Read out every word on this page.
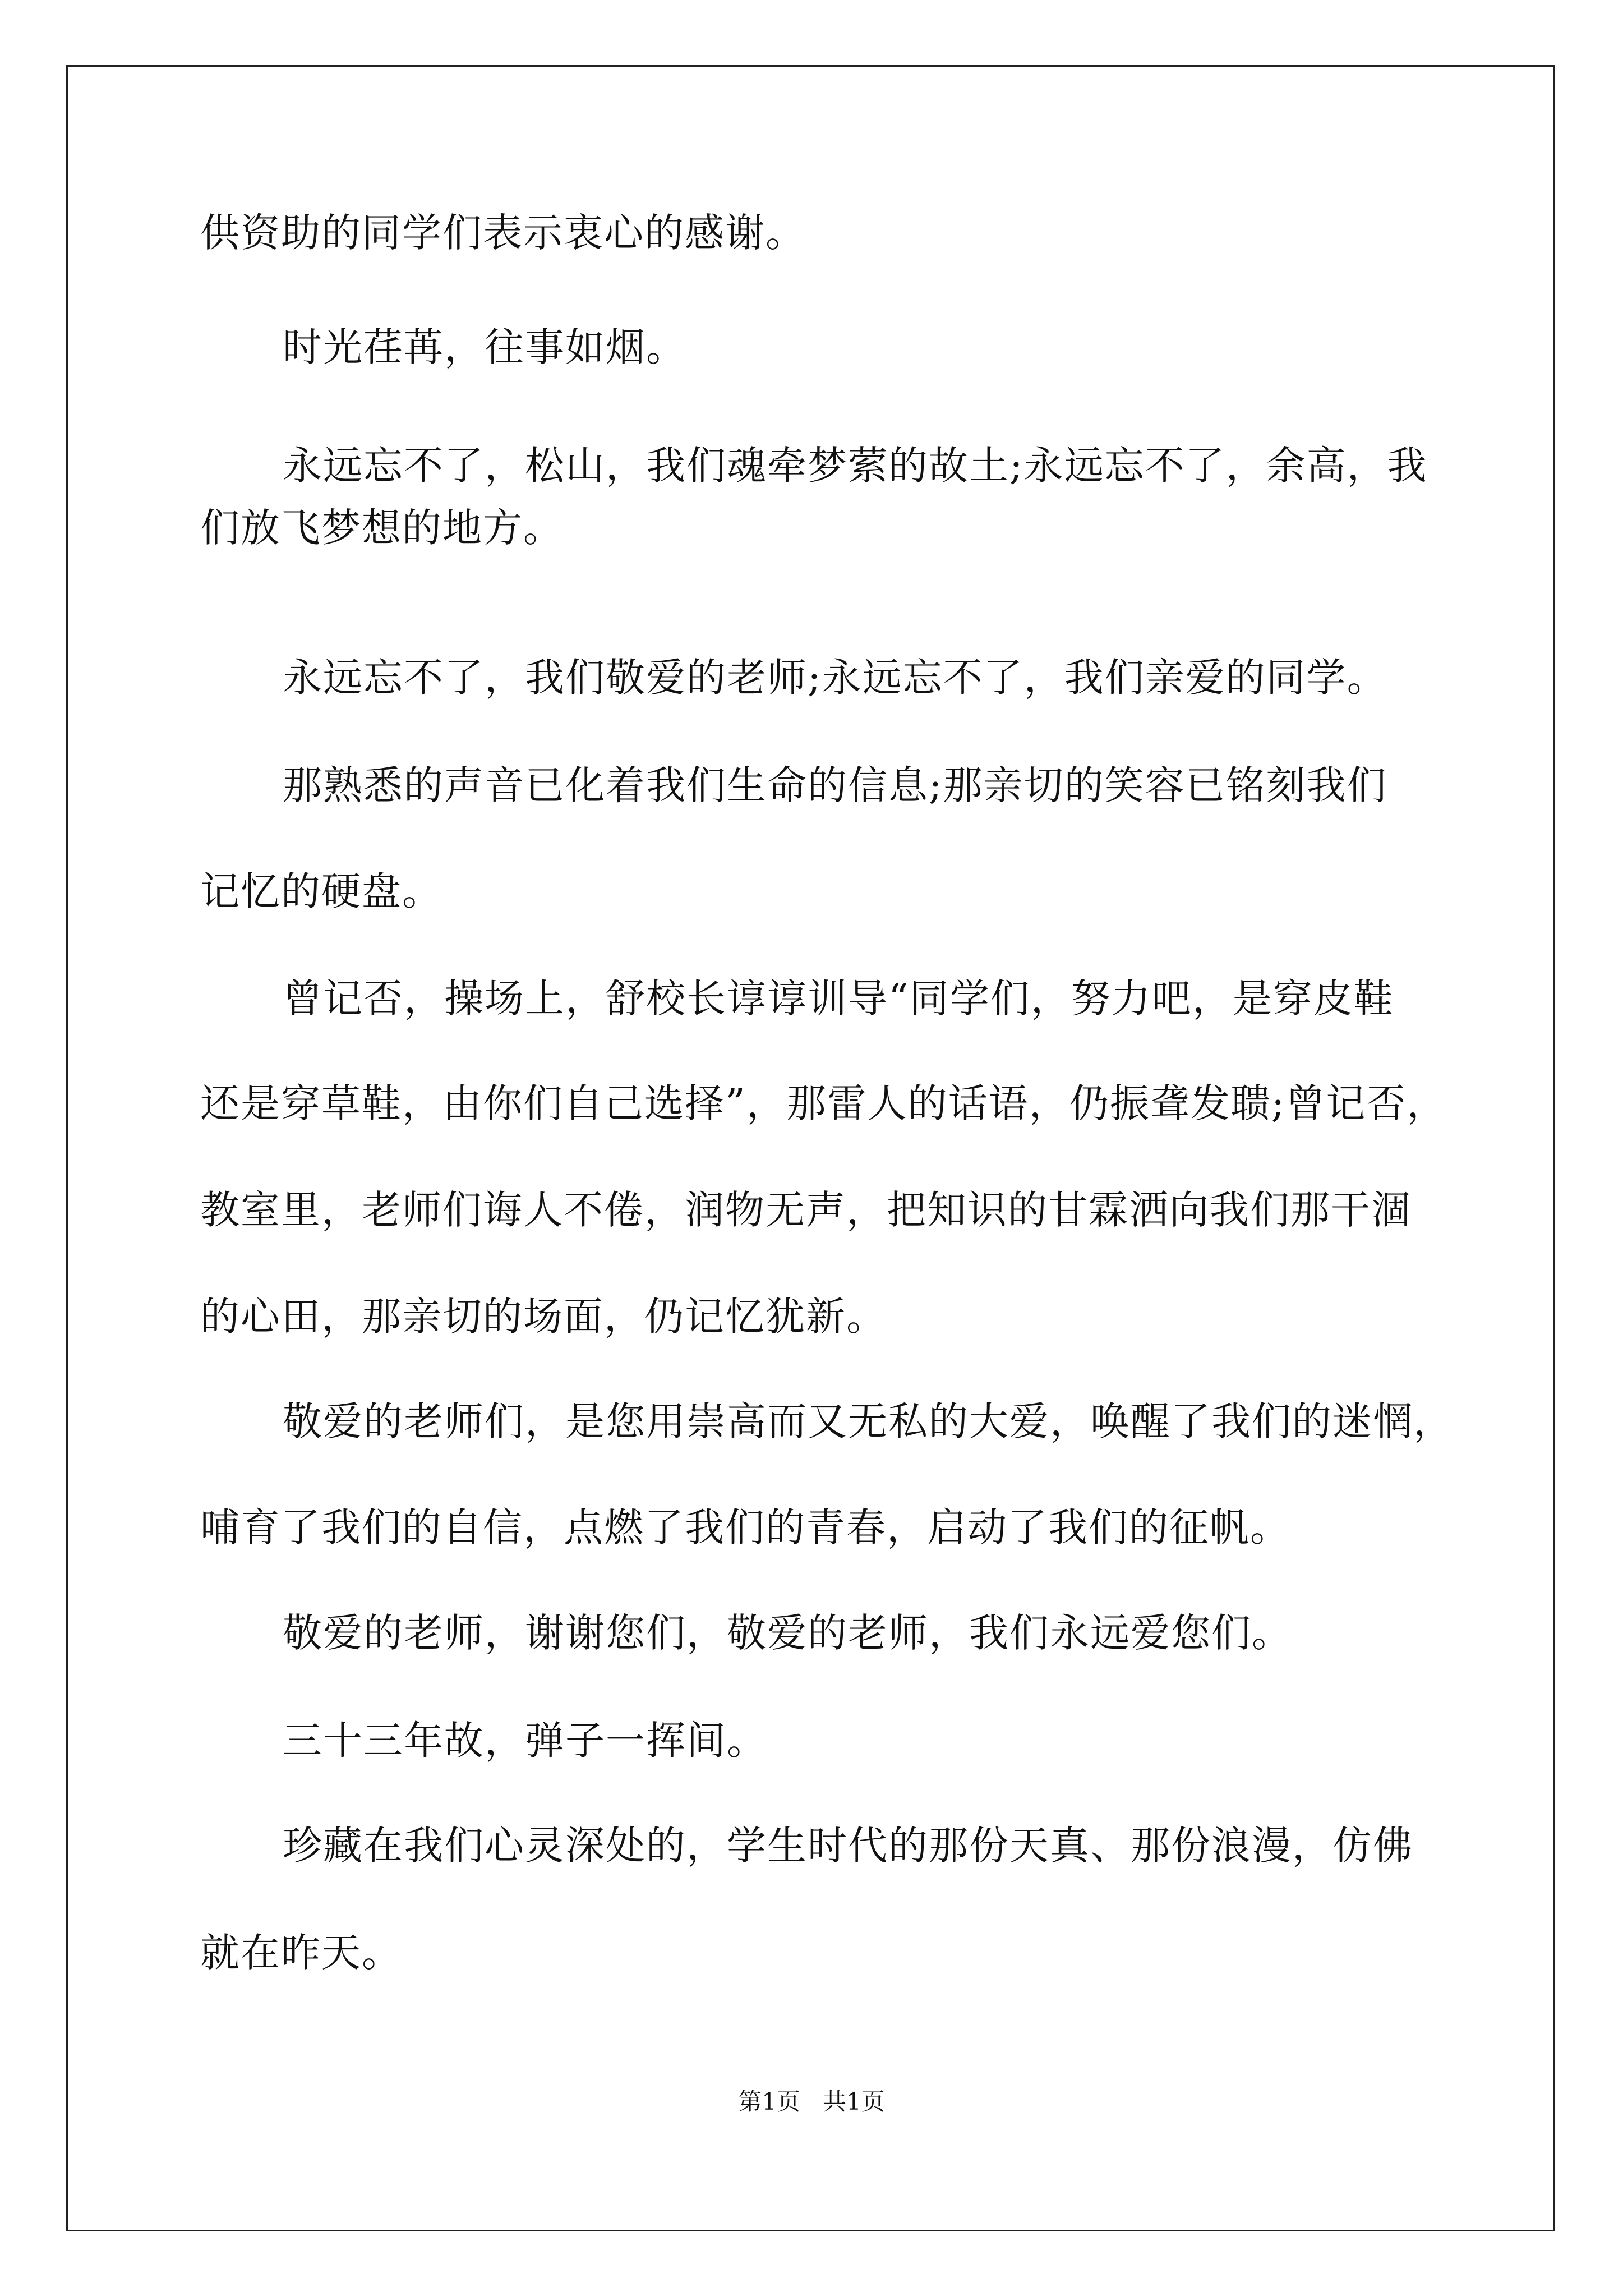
供资助的同学们表示衷心的感谢。
时光荏苒，往事如烟。
永远忘不了，松山，我们魂牵梦萦的故土;永远忘不了，余高，我
们放飞梦想的地方。
永远忘不了，我们敬爱的老师;永远忘不了，我们亲爱的同学。
那熟悉的声音已化着我们生命的信息;那亲切的笑容已铭刻我们
记忆的硬盘。
曾记否，操场上，舒校长谆谆训导“同学们，努力吧，是穿皮鞋
还是穿草鞋，由你们自己选择”，那雷人的话语，仍振聋发聩;曾记否，
教室里，老师们诲人不倦，润物无声，把知识的甘霖洒向我们那干涸
的心田，那亲切的场面，仍记忆犹新。
敬爱的老师们，是您用崇高而又无私的大爱，唤醒了我们的迷惘，
哺育了我们的自信，点燃了我们的青春，启动了我们的征帆。
敬爱的老师，谢谢您们，敬爱的老师，我们永远爱您们。
三十三年故，弹子一挥间。
珍藏在我们心灵深处的，学生时代的那份天真、那份浪漫，仿佛
就在昨天。
第1页   共1页
